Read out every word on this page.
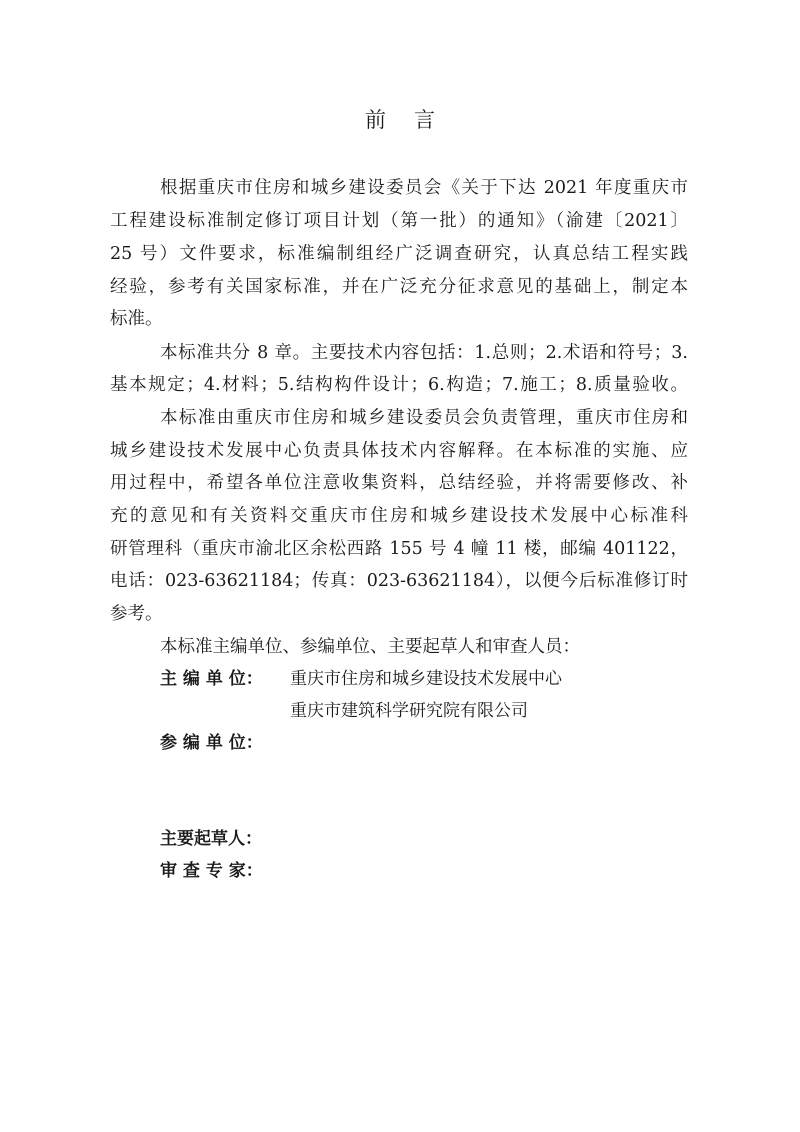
前 言
根据重庆市住房和城乡建设委员会《关于下达 2021 年度重庆市
工程建设标准制定修订项目计划（第一批）的通知》（渝建〔2021〕
25 号）文件要求，标准编制组经广泛调查研究，认真总结工程实践
经验，参考有关国家标准，并在广泛充分征求意见的基础上，制定本
标准。
本标准共分 8 章。主要技术内容包括：1.总则；2.术语和符号；3.
基本规定；4.材料；5.结构构件设计；6.构造；7.施工；8.质量验收。
本标准由重庆市住房和城乡建设委员会负责管理，重庆市住房和
城乡建设技术发展中心负责具体技术内容解释。在本标准的实施、应
用过程中，希望各单位注意收集资料，总结经验，并将需要修改、补
充的意见和有关资料交重庆市住房和城乡建设技术发展中心标准科
研管理科（重庆市渝北区余松西路 155 号 4 幢 11 楼，邮编 401122，
电话：023-63621184；传真：023-63621184），以便今后标准修订时
参考。
本标准主编单位、参编单位、主要起草人和审查人员：
主 编 单 位： 重庆市住房和城乡建设技术发展中心
重庆市建筑科学研究院有限公司
参 编 单 位：
主要起草人：
审 查 专 家：
